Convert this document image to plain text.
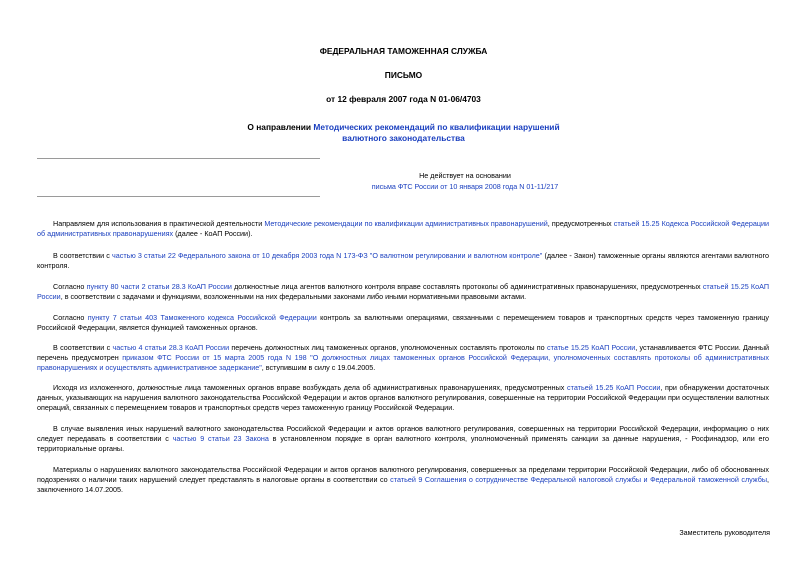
ФЕДЕРАЛЬНАЯ ТАМОЖЕННАЯ СЛУЖБА
ПИСЬМО
от 12 февраля 2007 года N 01-06/4703
О направлении Методических рекомендаций по квалификации нарушений валютного законодательства
Не действует на основании
письма ФТС России от 10 января 2008 года N 01-11/217
Направляем для использования в практической деятельности Методические рекомендации по квалификации административных правонарушений, предусмотренных статьей 15.25 Кодекса Российской Федерации об административных правонарушениях (далее - КоАП России).
В соответствии с частью 3 статьи 22 Федерального закона от 10 декабря 2003 года N 173-ФЗ "О валютном регулировании и валютном контроле" (далее - Закон) таможенные органы являются агентами валютного контроля.
Согласно пункту 80 части 2 статьи 28.3 КоАП России должностные лица агентов валютного контроля вправе составлять протоколы об административных правонарушениях, предусмотренных статьей 15.25 КоАП России, в соответствии с задачами и функциями, возложенными на них федеральными законами либо иными нормативными правовыми актами.
Согласно пункту 7 статьи 403 Таможенного кодекса Российской Федерации контроль за валютными операциями, связанными с перемещением товаров и транспортных средств через таможенную границу Российской Федерации, является функцией таможенных органов.
В соответствии с частью 4 статьи 28.3 КоАП России перечень должностных лиц таможенных органов, уполномоченных составлять протоколы по статье 15.25 КоАП России, устанавливается ФТС России. Данный перечень предусмотрен приказом ФТС России от 15 марта 2005 года N 198 "О должностных лицах таможенных органов Российской Федерации, уполномоченных составлять протоколы об административных правонарушениях и осуществлять административное задержание", вступившим в силу с 19.04.2005.
Исходя из изложенного, должностные лица таможенных органов вправе возбуждать дела об административных правонарушениях, предусмотренных статьей 15.25 КоАП России, при обнаружении достаточных данных, указывающих на нарушения валютного законодательства Российской Федерации и актов органов валютного регулирования, совершенные на территории Российской Федерации при осуществлении валютных операций, связанных с перемещением товаров и транспортных средств через таможенную границу Российской Федерации.
В случае выявления иных нарушений валютного законодательства Российской Федерации и актов органов валютного регулирования, совершенных на территории Российской Федерации, информацию о них следует передавать в соответствии с частью 9 статьи 23 Закона в установленном порядке в орган валютного контроля, уполномоченный применять санкции за данные нарушения, - Росфинадзор, или его территориальные органы.
Материалы о нарушениях валютного законодательства Российской Федерации и актов органов валютного регулирования, совершенных за пределами территории Российской Федерации, либо об обоснованных подозрениях о наличии таких нарушений следует представлять в налоговые органы в соответствии со статьей 9 Соглашения о сотрудничестве Федеральной налоговой службы и Федеральной таможенной службы, заключенного 14.07.2005.
Заместитель руководителя
